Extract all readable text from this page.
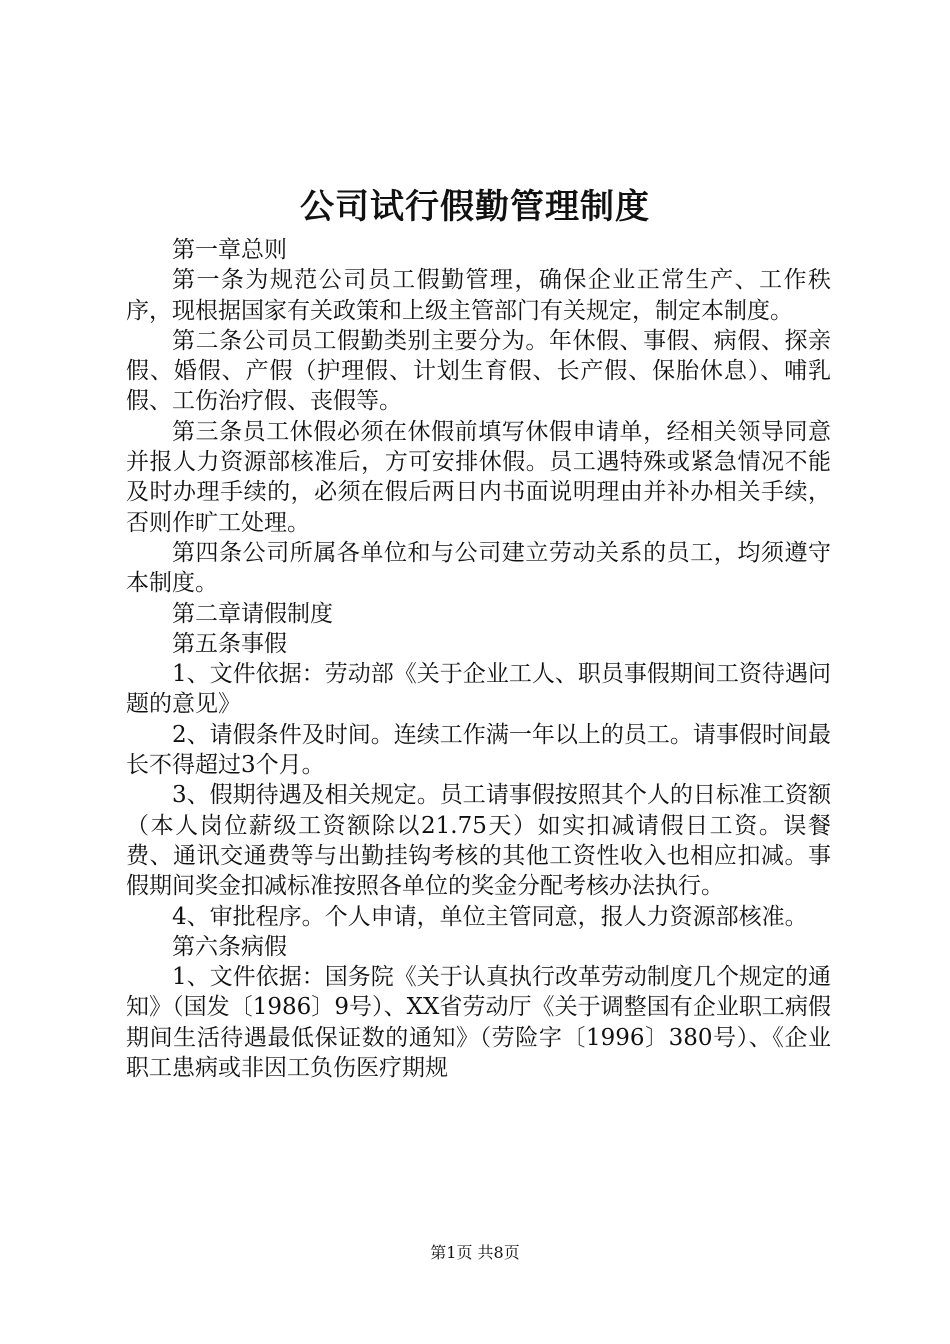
公司试行假勤管理制度

第一章总则

第一条为规范公司员工假勤管理，确保企业正常生产、工作秩序，现根据国家有关政策和上级主管部门有关规定，制定本制度。

第二条公司员工假勤类别主要分为。年休假、事假、病假、探亲假、婚假、产假（护理假、计划生育假、长产假、保胎休息）、哺乳假、工伤治疗假、丧假等。

第三条员工休假必须在休假前填写休假申请单，经相关领导同意并报人力资源部核准后，方可安排休假。员工遇特殊或紧急情况不能及时办理手续的，必须在假后两日内书面说明理由并补办相关手续，否则作旷工处理。

第四条公司所属各单位和与公司建立劳动关系的员工，均须遵守本制度。

第二章请假制度

第五条事假

1、文件依据：劳动部《关于企业工人、职员事假期间工资待遇问题的意见》

2、请假条件及时间。连续工作满一年以上的员工。请事假时间最长不得超过3个月。

3、假期待遇及相关规定。员工请事假按照其个人的日标准工资额（本人岗位薪级工资额除以21.75天）如实扣减请假日工资。误餐费、通讯交通费等与出勤挂钩考核的其他工资性收入也相应扣减。事假期间奖金扣减标准按照各单位的奖金分配考核办法执行。

4、审批程序。个人申请，单位主管同意，报人力资源部核准。

第六条病假

1、文件依据：国务院《关于认真执行改革劳动制度几个规定的通知》（国发〔1986〕9号）、XX省劳动厅《关于调整国有企业职工病假期间生活待遇最低保证数的通知》（劳险字〔1996〕380号）、《企业职工患病或非因工负伤医疗期规

第1页 共8页
